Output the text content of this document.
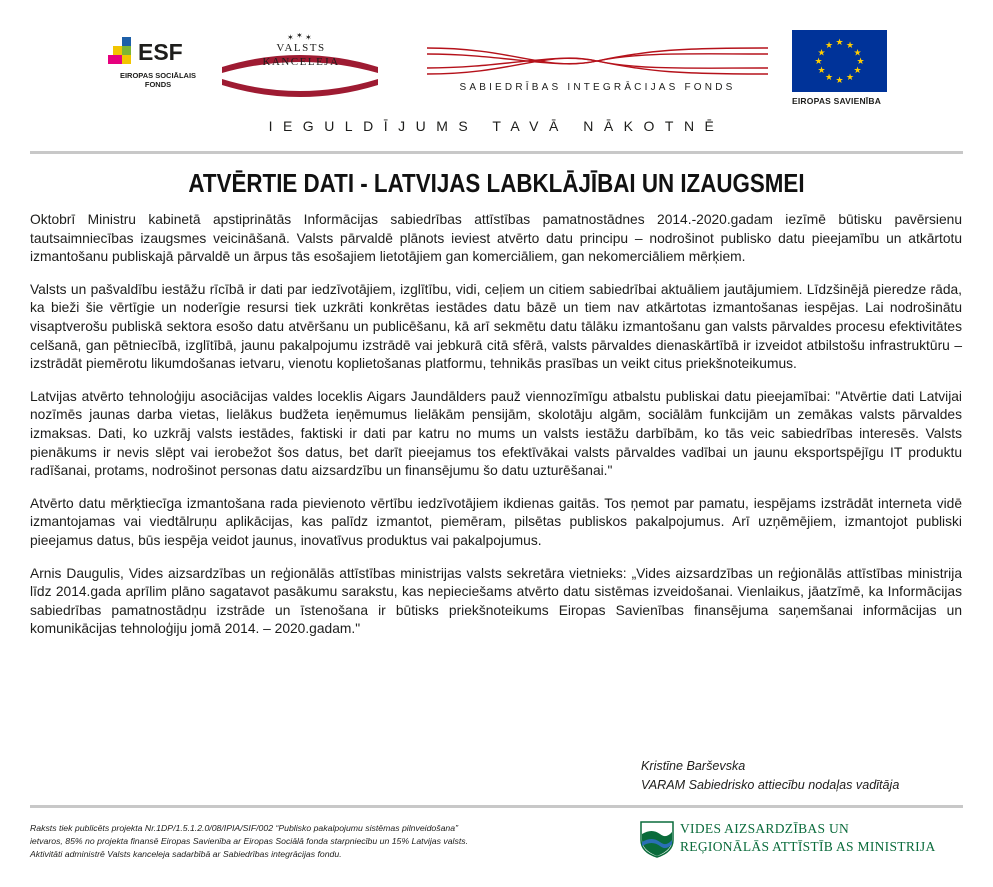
ESF
EIROPAS SOCIĀLAIS FONDS
✶ ✶ ✶
VALSTS
KANCELEJA
SABIEDRĪBAS INTEGRĀCIJAS FONDS
★ ★
★
★
★
★
★
★
★
★
★
★
EIROPAS SAVIENĪBA
IEGULDĪJUMS TAVĀ NĀKOTNĒ
ATVĒRTIE DATI - LATVIJAS LABKLĀJĪBAI UN IZAUGSMEI

Oktobrī Ministru kabinetā apstiprinātās Informācijas sabiedrības attīstības pamatnostādnes 2014.-2020.gadam iezīmē būtisku pavērsienu tautsaimniecības izaugsmes veicināšanā. Valsts pārvaldē plānots ieviest atvērto datu principu – nodrošinot publisko datu pieejamību un atkārtotu izmantošanu publiskajā pārvaldē un ārpus tās esošajiem lietotājiem gan komerciāliem, gan nekomerciāliem mērķiem.

Valsts un pašvaldību iestāžu rīcībā ir dati par iedzīvotājiem, izglītību, vidi, ceļiem un citiem sabiedrībai aktuāliem jautājumiem. Līdzšinējā pieredze rāda, ka bieži šie vērtīgie un noderīgie resursi tiek uzkrāti konkrētas iestādes datu bāzē un tiem nav atkārtotas izmantošanas iespējas. Lai nodrošinātu visaptverošu publiskā sektora esošo datu atvēršanu un publicēšanu, kā arī sekmētu datu tālāku izmantošanu gan valsts pārvaldes procesu efektivitātes celšanā, gan pētniecībā, izglītībā, jaunu pakalpojumu izstrādē vai jebkurā citā sfērā, valsts pārvaldes dienaskārtībā ir izveidot atbilstošu infrastruktūru – izstrādāt piemērotu likumdošanas ietvaru, vienotu koplietošanas platformu, tehnikās prasības un veikt citus priekšnoteikumus.

Latvijas atvērto tehnoloģiju asociācijas valdes loceklis Aigars Jaundālders pauž viennozīmīgu atbalstu publiskai datu pieejamībai: "Atvērtie dati Latvijai nozīmēs jaunas darba vietas, lielākus budžeta ieņēmumus lielākām pensijām, skolotāju algām, sociālām funkcijām un zemākas valsts pārvaldes izmaksas. Dati, ko uzkrāj valsts iestādes, faktiski ir dati par katru no mums un valsts iestāžu darbībām, ko tās veic sabiedrības interesēs. Valsts pienākums ir nevis slēpt vai ierobežot šos datus, bet darīt pieejamus tos efektīvākai valsts pārvaldes vadībai un jaunu eksportspējīgu IT produktu radīšanai, protams, nodrošinot personas datu aizsardzību un finansējumu šo datu uzturēšanai."

Atvērto datu mērķtiecīga izmantošana rada pievienoto vērtību iedzīvotājiem ikdienas gaitās. Tos ņemot par pamatu, iespējams izstrādāt interneta vidē izmantojamas vai viedtālruņu aplikācijas, kas palīdz izmantot, piemēram, pilsētas publiskos pakalpojumus. Arī uzņēmējiem, izmantojot publiski pieejamus datus, būs iespēja veidot jaunus, inovatīvus produktus vai pakalpojumus.

Arnis Daugulis, Vides aizsardzības un reģionālās attīstības ministrijas valsts sekretāra vietnieks: „Vides aizsardzības un reģionālās attīstības ministrija līdz 2014.gada aprīlim plāno sagatavot pasākumu sarakstu, kas nepieciešams atvērto datu sistēmas izveidošanai. Vienlaikus, jāatzīmē, ka Informācijas sabiedrības pamatnostādņu izstrāde un īstenošana ir būtisks priekšnoteikums Eiropas Savienības finansējuma saņemšanai informācijas un komunikācijas tehnoloģiju jomā 2014. – 2020.gadam."

Kristīne Barševska
VARAM Sabiedrisko attiecību nodaļas vadītāja
Raksts tiek publicēts projekta Nr.1DP/1.5.1.2.0/08/IPIA/SIF/002 “Publisko pakalpojumu sistēmas pilnveidošana”
ietvaros, 85% no projekta finansē Eiropas Savienība ar Eiropas Sociālā fonda starpniecību un 15% Latvijas valsts.
Aktivitāti administrē Valsts kanceleja sadarbībā ar Sabiedrības integrācijas fondu.
VIDES AIZSARDZĪBAS UN
REĢIONĀLĀS ATTĪSTĪB AS MINISTRIJA
